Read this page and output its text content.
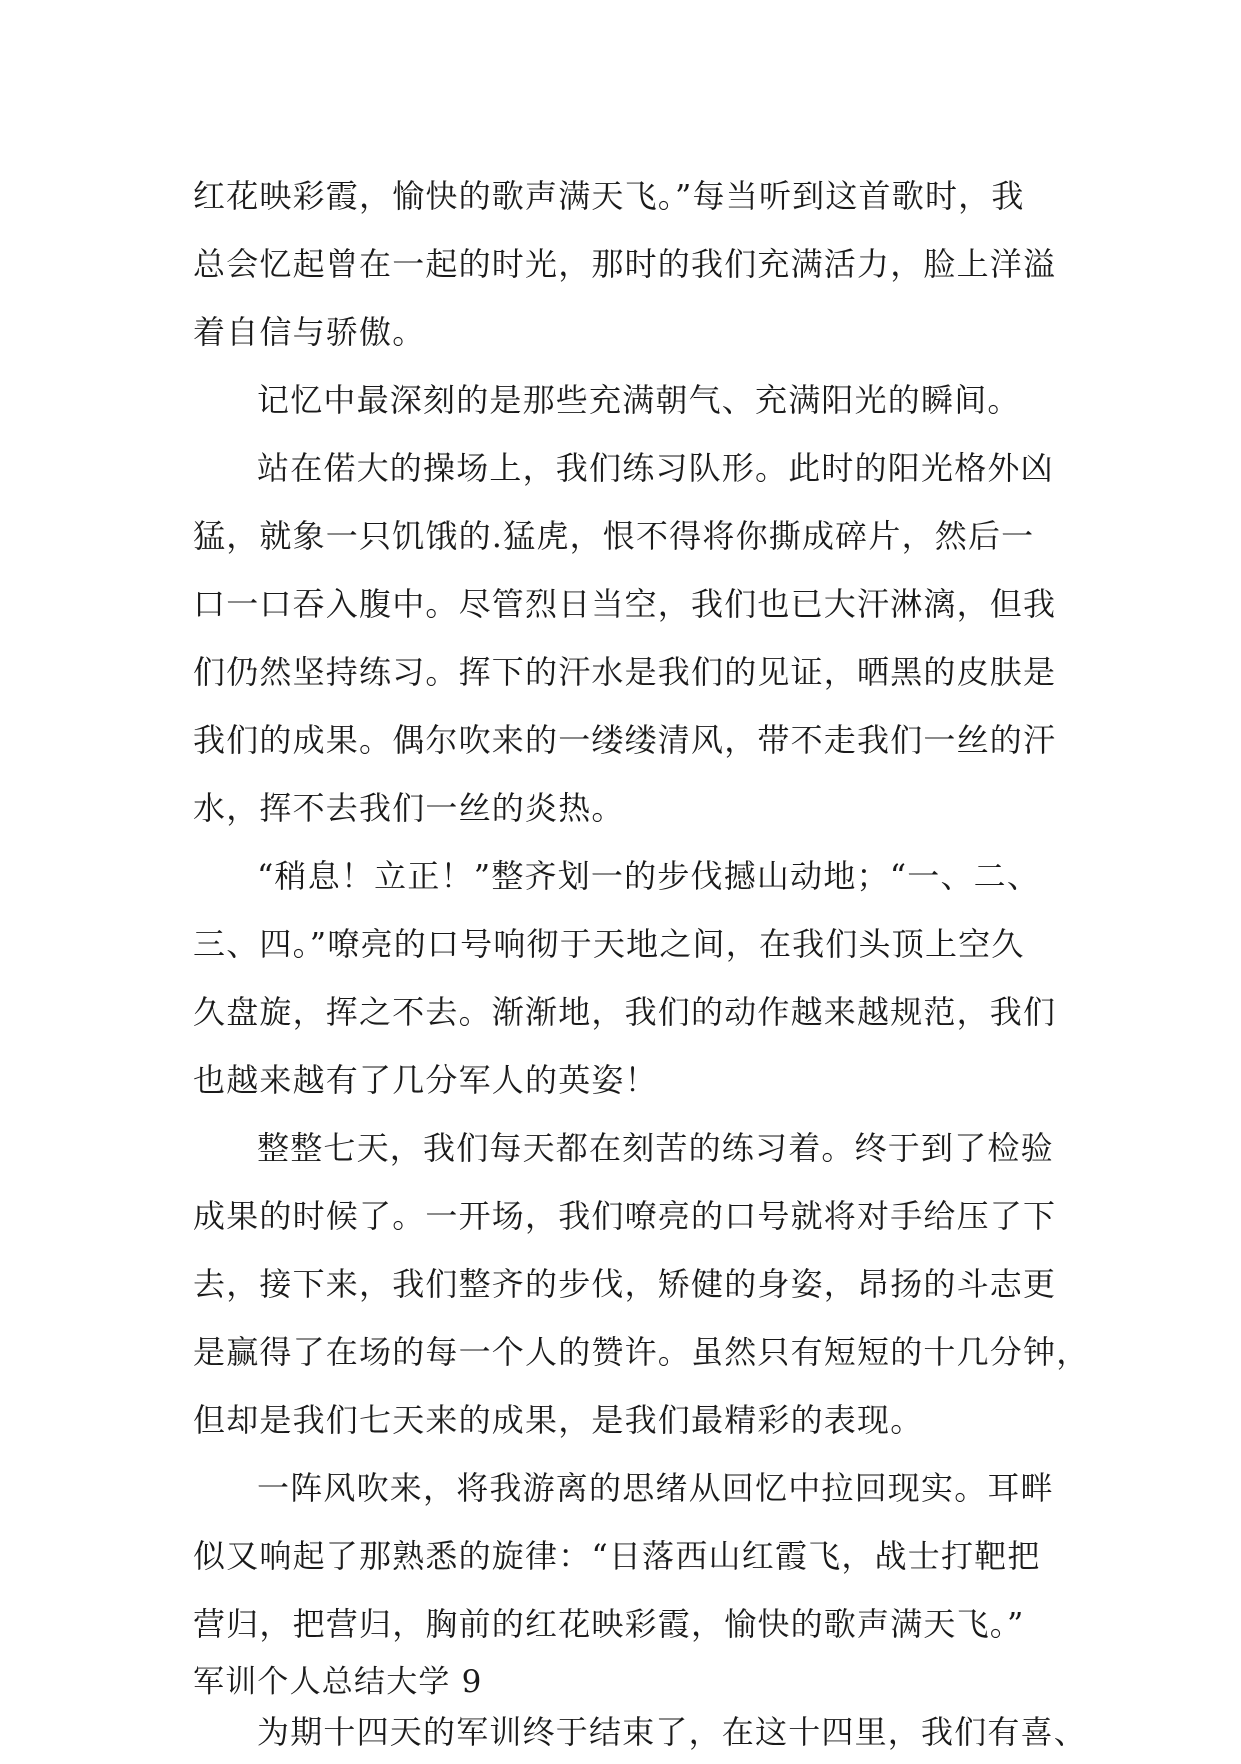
红花映彩霞，愉快的歌声满天飞。”每当听到这首歌时，我
总会忆起曾在一起的时光，那时的我们充满活力，脸上洋溢
着自信与骄傲。
记忆中最深刻的是那些充满朝气、充满阳光的瞬间。
站在偌大的操场上，我们练习队形。此时的阳光格外凶
猛，就象一只饥饿的.猛虎，恨不得将你撕成碎片，然后一
口一口吞入腹中。尽管烈日当空，我们也已大汗淋漓，但我
们仍然坚持练习。挥下的汗水是我们的见证，晒黑的皮肤是
我们的成果。偶尔吹来的一缕缕清风，带不走我们一丝的汗
水，挥不去我们一丝的炎热。
“稍息！立正！”整齐划一的步伐撼山动地；“一、二、
三、四。”嘹亮的口号响彻于天地之间，在我们头顶上空久
久盘旋，挥之不去。渐渐地，我们的动作越来越规范，我们
也越来越有了几分军人的英姿！
整整七天，我们每天都在刻苦的练习着。终于到了检验
成果的时候了。一开场，我们嘹亮的口号就将对手给压了下
去，接下来，我们整齐的步伐，矫健的身姿，昂扬的斗志更
是赢得了在场的每一个人的赞许。虽然只有短短的十几分钟，
但却是我们七天来的成果，是我们最精彩的表现。
一阵风吹来，将我游离的思绪从回忆中拉回现实。耳畔
似又响起了那熟悉的旋律：“日落西山红霞飞，战士打靶把
营归，把营归，胸前的红花映彩霞，愉快的歌声满天飞。”
军训个人总结大学 9
为期十四天的军训终于结束了，在这十四里，我们有喜、
